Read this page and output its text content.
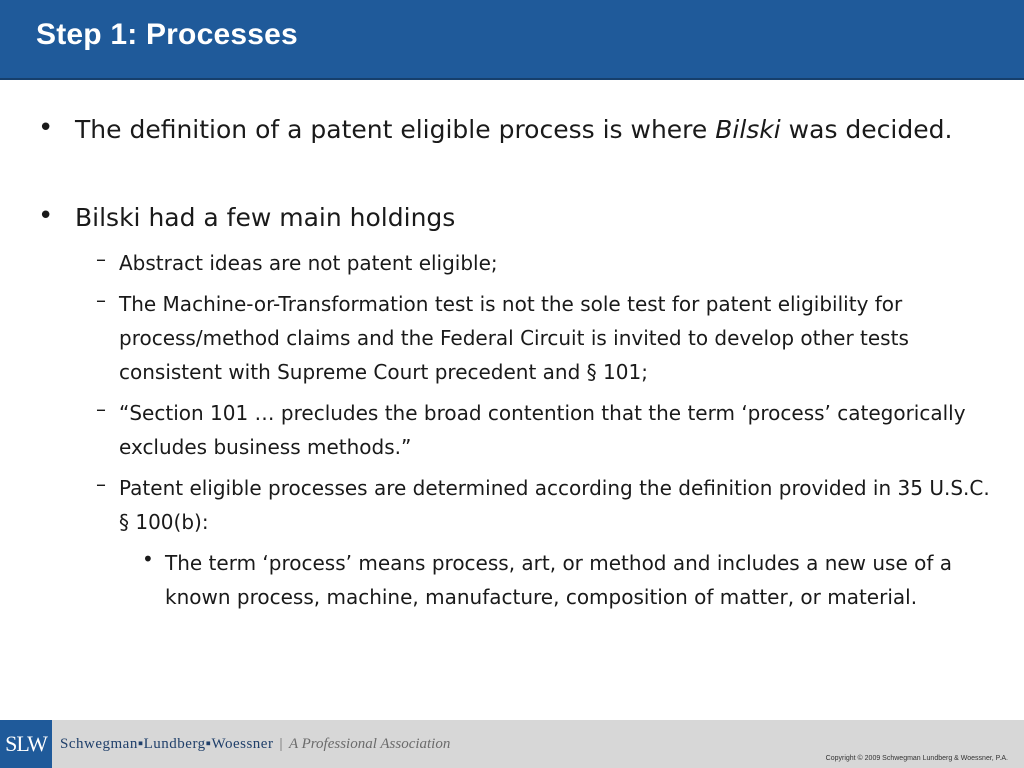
Step 1: Processes
• The definition of a patent eligible process is where Bilski was decided.
• Bilski had a few main holdings
– Abstract ideas are not patent eligible;
– The Machine-or-Transformation test is not the sole test for patent eligibility for process/method claims and the Federal Circuit is invited to develop other tests consistent with Supreme Court precedent and § 101;
– “Section 101 … precludes the broad contention that the term ‘process’ categorically excludes business methods.”
– Patent eligible processes are determined according the definition provided in 35 U.S.C. § 100(b):
• The term ‘process’ means process, art, or method and includes a new use of a known process, machine, manufacture, composition of matter, or material.
SLW Schwegman▪Lundberg▪Woessner | A Professional Association
Copyright © 2009 Schwegman Lundberg & Woessner, P.A.
